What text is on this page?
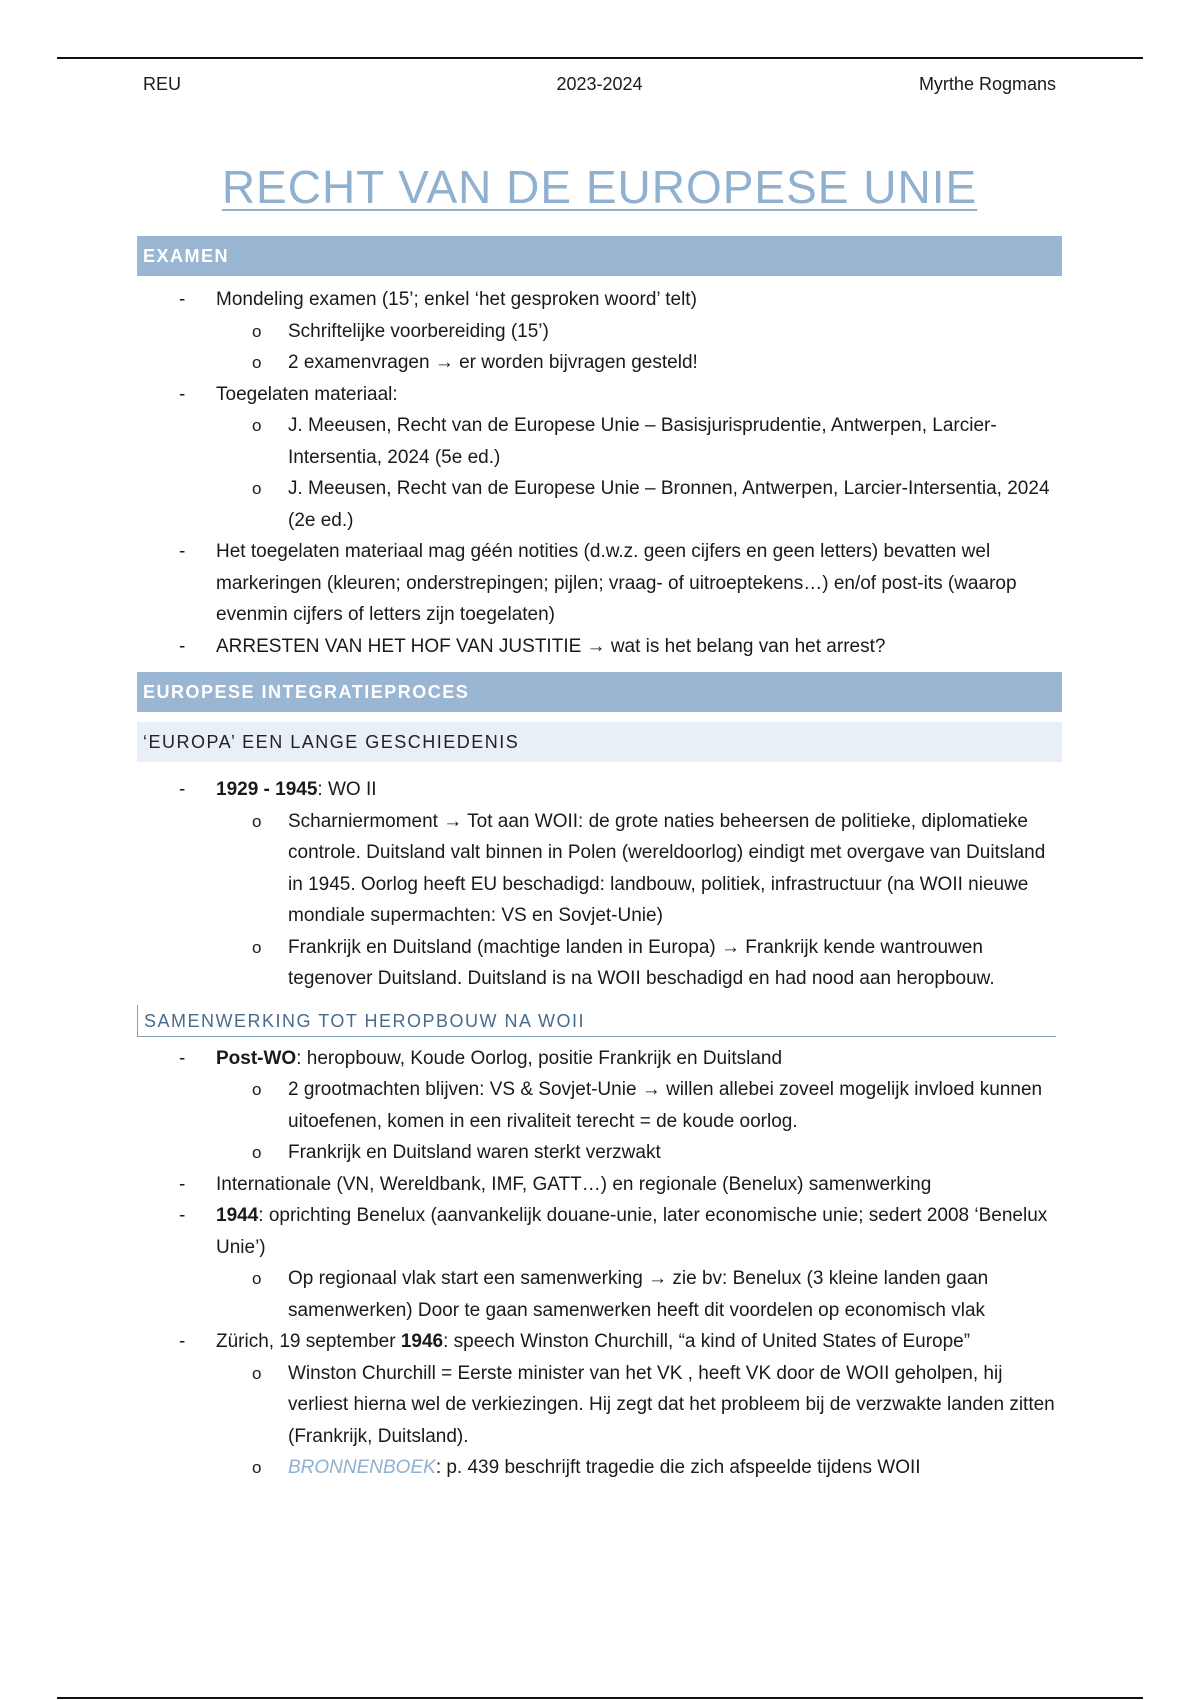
REU	2023-2024	Myrthe Rogmans
RECHT VAN DE EUROPESE UNIE
EXAMEN
- Mondeling examen (15’; enkel ‘het gesproken woord’ telt)
o Schriftelijke voorbereiding (15’)
o 2 examenvragen → er worden bijvragen gesteld!
- Toegelaten materiaal:
o J. Meeusen, Recht van de Europese Unie – Basisjurisprudentie, Antwerpen, Larcier-Intersentia, 2024 (5e ed.)
o J. Meeusen, Recht van de Europese Unie – Bronnen, Antwerpen, Larcier-Intersentia, 2024 (2e ed.)
- Het toegelaten materiaal mag géén notities (d.w.z. geen cijfers en geen letters) bevatten wel markeringen (kleuren; onderstrepingen; pijlen; vraag- of uitroeptekens…) en/of post-its (waarop evenmin cijfers of letters zijn toegelaten)
- ARRESTEN VAN HET HOF VAN JUSTITIE → wat is het belang van het arrest?
EUROPESE INTEGRATIEPROCES
‘EUROPA’ EEN LANGE GESCHIEDENIS
- 1929 - 1945: WO II
o Scharniermoment → Tot aan WOII: de grote naties beheersen de politieke, diplomatieke controle. Duitsland valt binnen in Polen (wereldoorlog) eindigt met overgave van Duitsland in 1945. Oorlog heeft EU beschadigd: landbouw, politiek, infrastructuur (na WOII nieuwe mondiale supermachten: VS en Sovjet-Unie)
o Frankrijk en Duitsland (machtige landen in Europa) → Frankrijk kende wantrouwen tegenover Duitsland. Duitsland is na WOII beschadigd en had nood aan heropbouw.
SAMENWERKING TOT HEROPBOUW NA WOII
- Post-WO: heropbouw, Koude Oorlog, positie Frankrijk en Duitsland
o 2 grootmachten blijven: VS & Sovjet-Unie → willen allebei zoveel mogelijk invloed kunnen uitoefenen, komen in een rivaliteit terecht = de koude oorlog.
o Frankrijk en Duitsland waren sterkt verzwakt
- Internationale (VN, Wereldbank, IMF, GATT…) en regionale (Benelux) samenwerking
- 1944: oprichting Benelux (aanvankelijk douane-unie, later economische unie; sedert 2008 ‘Benelux Unie’)
o Op regionaal vlak start een samenwerking → zie bv: Benelux (3 kleine landen gaan samenwerken) Door te gaan samenwerken heeft dit voordelen op economisch vlak
- Zürich, 19 september 1946: speech Winston Churchill, “a kind of United States of Europe”
o Winston Churchill = Eerste minister van het VK , heeft VK door de WOII geholpen, hij verliest hierna wel de verkiezingen. Hij zegt dat het probleem bij de verzwakte landen zitten (Frankrijk, Duitsland).
o BRONNENBOEK: p. 439 beschrijft tragedie die zich afspeelde tijdens WOII
